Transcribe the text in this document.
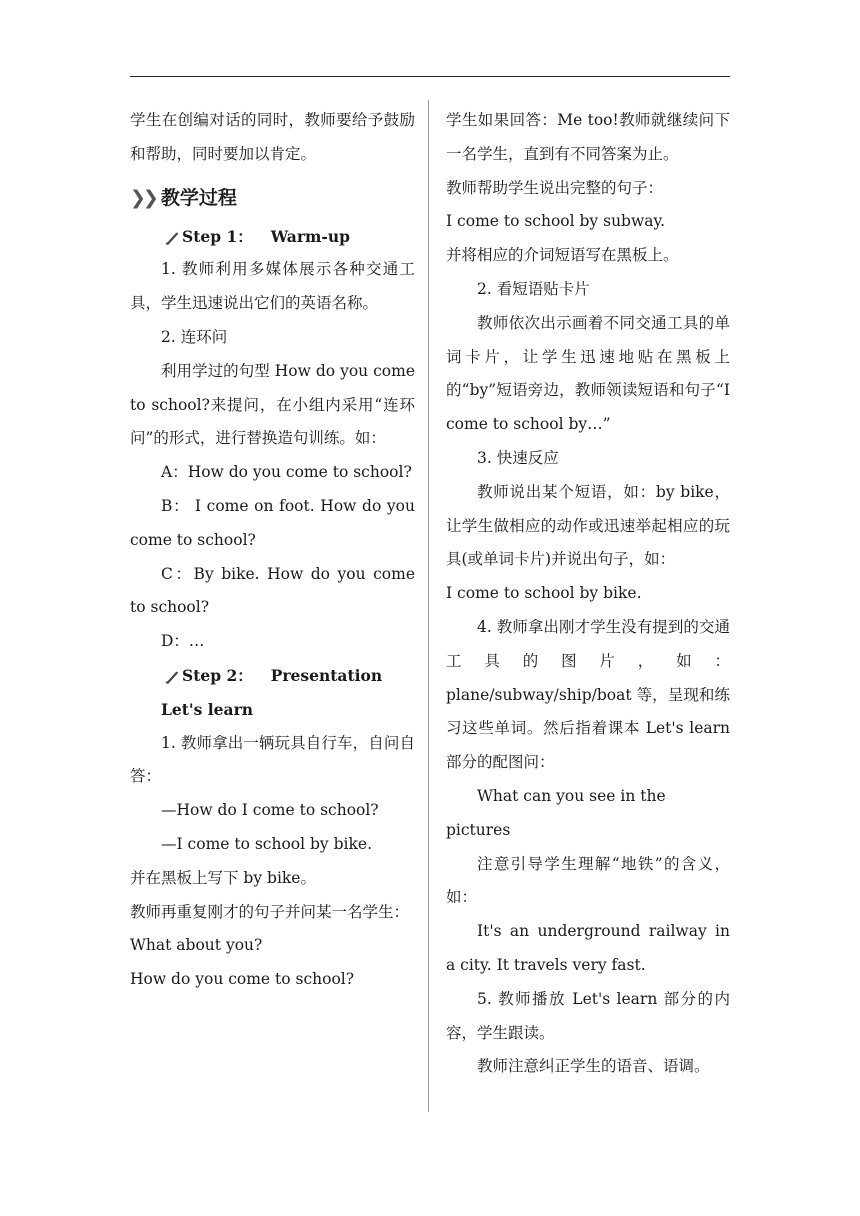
学生在创编对话的同时，教师要给予鼓励和帮助，同时要加以肯定。

❯❯ 教学过程
Step 1： Warm-up

1. 教师利用多媒体展示各种交通工具，学生迅速说出它们的英语名称。

2. 连环问

利用学过的句型 How do you come to school?来提问，在小组内采用“连环问”的形式，进行替换造句训练。如：

A：How do you come to school?

B： I come on foot. How do you come to school?

C：By bike. How do you come to school?

D：…

Step 2： Presentation

Let's learn

1. 教师拿出一辆玩具自行车，自问自答：

—How do I come to school?

—I come to school by bike.

并在黑板上写下 by bike。

教师再重复刚才的句子并问某一名学生：

What about you?

How do you come to school?

学生如果回答：Me too!教师就继续问下一名学生，直到有不同答案为止。

教师帮助学生说出完整的句子：

I come to school by subway.

并将相应的介词短语写在黑板上。

2. 看短语贴卡片

教师依次出示画着不同交通工具的单词卡片，让学生迅速地贴在黑板上的“by”短语旁边，教师领读短语和句子“I come to school by…”

3. 快速反应

教师说出某个短语，如：by bike，让学生做相应的动作或迅速举起相应的玩具(或单词卡片)并说出句子，如：

I come to school by bike.

4. 教师拿出刚才学生没有提到的交通工具的图片，如：

plane/subway/ship/boat 等，呈现和练习这些单词。然后指着课本 Let's learn 部分的配图问：

What can you see in the pictures

注意引导学生理解“地铁”的含义，如：

It's an underground railway in a city. It travels very fast.

5. 教师播放 Let's learn 部分的内容，学生跟读。

教师注意纠正学生的语音、语调。
